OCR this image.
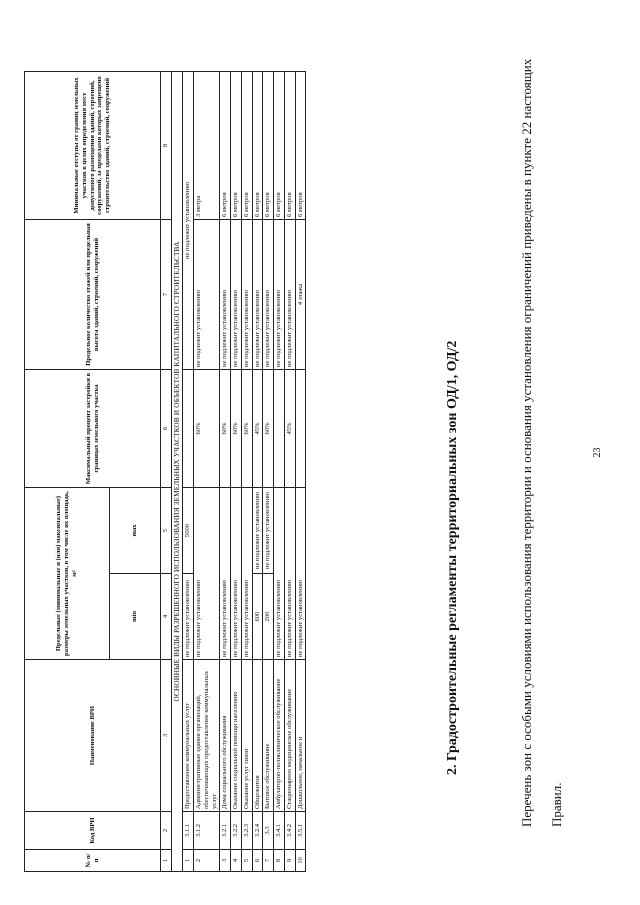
23

Перечень зон с особыми условиями использования территории и основания установления ограничений приведены в пункте 22 настоящих Правил.

2. Градостроительные регламенты территориальных зон ОД/1, ОД/2
№ п/п	Код ВРИ	Наименование ВРИ	Предельные (минимальные и (или) максимальные) размеры земельных участков, в том числе их площадь, м²		Максимальный процент застройки в границах земельного участка	Предельное количество этажей или предельная высота зданий, строений, сооружений	Минимальные отступы от границ земельных участков в целях определения мест допустимого размещения зданий, строений, сооружений, за пределами которых запрещено строительство зданий, строений, сооружений
			min	max			
1	2	3	4	5	6	7	8
ОСНОВНЫЕ ВИДЫ РАЗРЕШЕННОГО ИСПОЛЬЗОВАНИЯ ЗЕМЕЛЬНЫХ УЧАСТКОВ И ОБЪЕКТОВ КАПИТАЛЬНОГО СТРОИТЕЛЬСТВА							
1	3.1.1	Предоставление коммунальных услуг	не подлежит установлению	5000		не подлежит установлению	
2	3.1.2	Административные здания организаций, обеспечивающих предоставление коммунальных услуг	не подлежит установлению		60%	не подлежит установлению	3 метра
3	3.2.1	Дома социального обслуживания	не подлежит установлению		60%	не подлежит установлению	6 метров
4	3.2.2	Оказание социальной помощи населению	не подлежит установлению		60%	не подлежит установлению	6 метров
5	3.2.3	Оказание услуг связи	не подлежит установлению		60%	не подлежит установлению	6 метров
6	3.2.4	Общежития	600	не подлежит установлению	45%	не подлежит установлению	6 метров
7	3.3	Бытовое обслуживание	200	не подлежит установлению	60%	не подлежит установлению	6 метров
8	3.4.1	Амбулаторно-поликлиническое обслуживание	не подлежит установлению			не подлежит установлению	6 метров
9	3.4.2	Стационарное медицинское обслуживание	не подлежит установлению		45%	не подлежит установлению	6 метров
10	3.5.1	Дошкольное, начальное и	не подлежит установлению			4 этажа	6 метров
